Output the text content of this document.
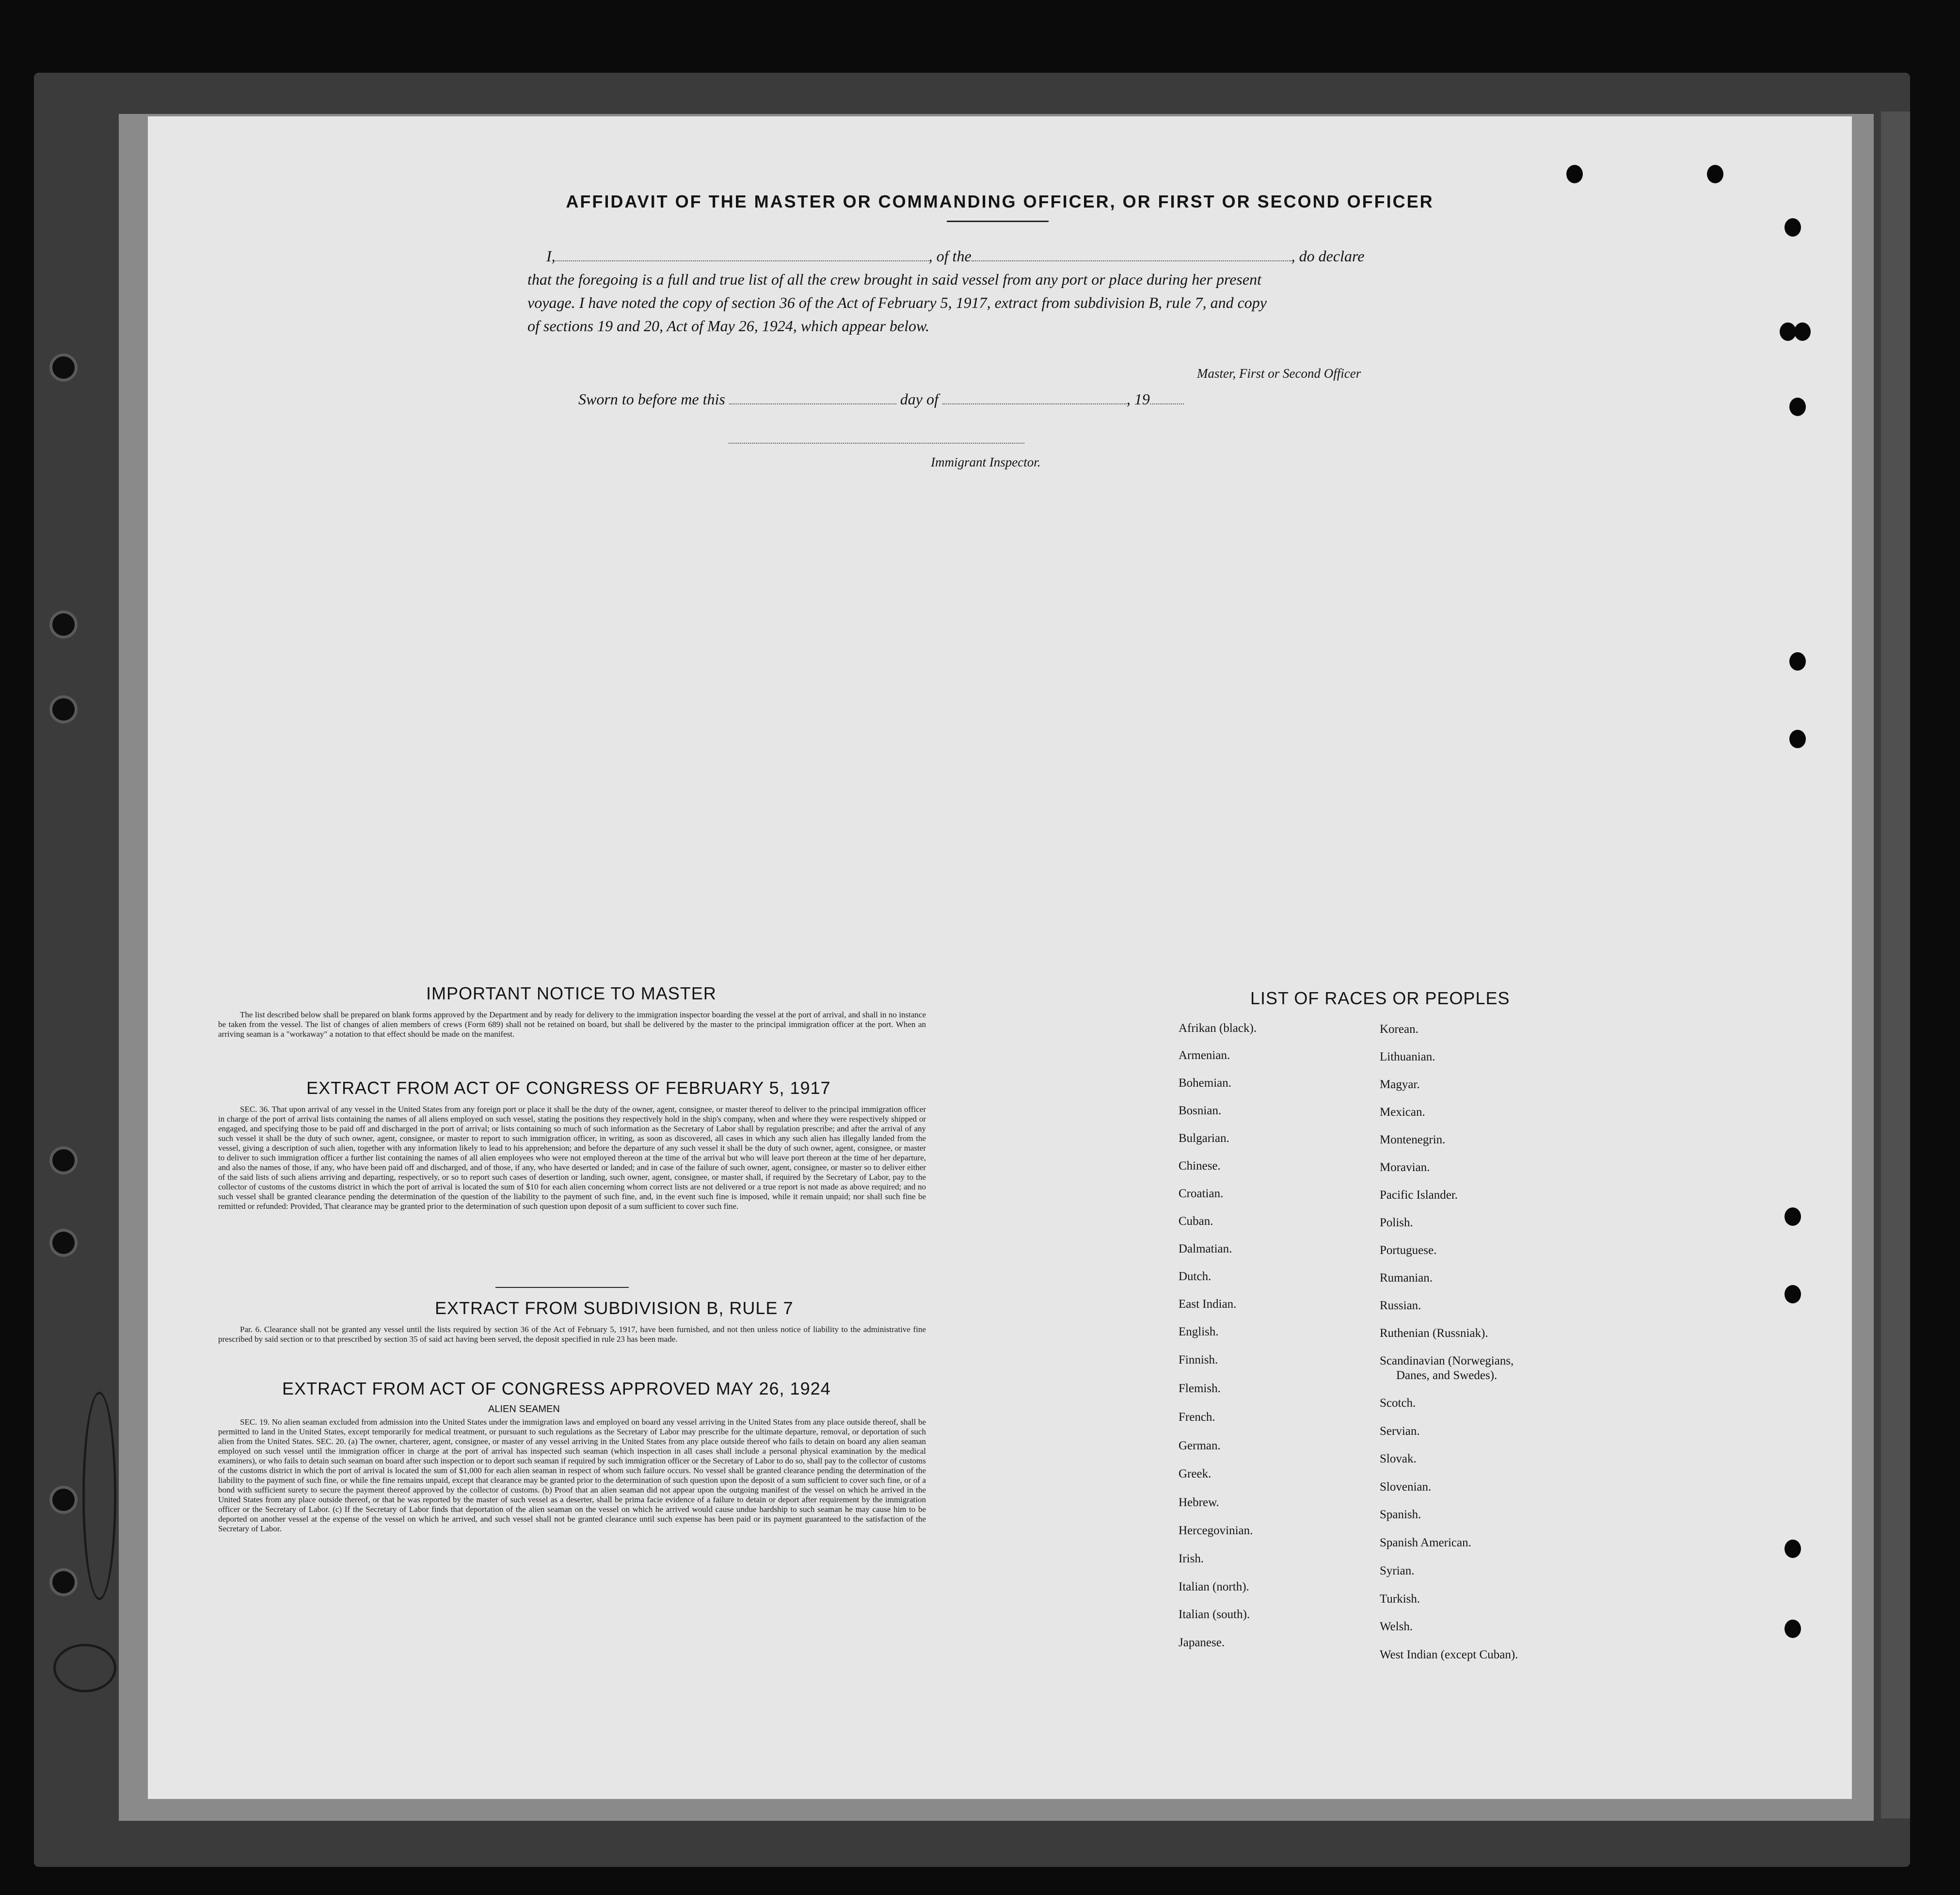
AFFIDAVIT OF THE MASTER OR COMMANDING OFFICER, OR FIRST OR SECOND OFFICER
I,	, of the	, do declare
that the foregoing is a full and true list of all the crew brought in said vessel from any port or place during her present
voyage. I have noted the copy of section 36 of the Act of February 5, 1917, extract from subdivision B, rule 7, and copy
of sections 19 and 20, Act of May 26, 1924, which appear below.
Master, First or Second Officer
Sworn to before me this	day of	, 19
Immigrant Inspector.
IMPORTANT NOTICE TO MASTER
The list described below shall be prepared on blank forms approved by the Department and by ready for delivery to the immigration inspector boarding the vessel at the port of arrival, and shall in no instance be taken from the vessel. The list of changes of alien members of crews (Form 689) shall not be retained on board, but shall be delivered by the master to the principal immigration officer at the port. When an arriving seaman is a "workaway" a notation to that effect should be made on the manifest.
EXTRACT FROM ACT OF CONGRESS OF FEBRUARY 5, 1917
SEC. 36. That upon arrival of any vessel in the United States from any foreign port or place it shall be the duty of the owner, agent, consignee, or master thereof to deliver to the principal immigration officer in charge of the port of arrival lists containing the names of all aliens employed on such vessel, stating the positions they respectively hold in the ship's company, when and where they were respectively shipped or engaged, and specifying those to be paid off and discharged in the port of arrival; or lists containing so much of such information as the Secretary of Labor shall by regulation prescribe; and after the arrival of any such vessel it shall be the duty of such owner, agent, consignee, or master to report to such immigration officer, in writing, as soon as discovered, all cases in which any such alien has illegally landed from the vessel, giving a description of such alien, together with any information likely to lead to his apprehension; and before the departure of any such vessel it shall be the duty of such owner, agent, consignee, or master to deliver to such immigration officer a further list containing the names of all alien employees who were not employed thereon at the time of the arrival but who will leave port thereon at the time of her departure, and also the names of those, if any, who have been paid off and discharged, and of those, if any, who have deserted or landed; and in case of the failure of such owner, agent, consignee, or master so to deliver either of the said lists of such aliens arriving and departing, respectively, or so to report such cases of desertion or landing, such owner, agent, consignee, or master shall, if required by the Secretary of Labor, pay to the collector of customs of the customs district in which the port of arrival is located the sum of $10 for each alien concerning whom correct lists are not delivered or a true report is not made as above required; and no such vessel shall be granted clearance pending the determination of the question of the liability to the payment of such fine, and, in the event such fine is imposed, while it remain unpaid; nor shall such fine be remitted or refunded: Provided, That clearance may be granted prior to the determination of such question upon deposit of a sum sufficient to cover such fine.
EXTRACT FROM SUBDIVISION B, RULE 7
Par. 6. Clearance shall not be granted any vessel until the lists required by section 36 of the Act of February 5, 1917, have been furnished, and not then unless notice of liability to the administrative fine prescribed by said section or to that prescribed by section 35 of said act having been served, the deposit specified in rule 23 has been made.
EXTRACT FROM ACT OF CONGRESS APPROVED MAY 26, 1924
ALIEN SEAMEN
SEC. 19. No alien seaman excluded from admission into the United States under the immigration laws and employed on board any vessel arriving in the United States from any place outside thereof, shall be permitted to land in the United States, except temporarily for medical treatment, or pursuant to such regulations as the Secretary of Labor may prescribe for the ultimate departure, removal, or deportation of such alien from the United States. SEC. 20. (a) The owner, charterer, agent, consignee, or master of any vessel arriving in the United States from any place outside thereof who fails to detain on board any alien seaman employed on such vessel until the immigration officer in charge at the port of arrival has inspected such seaman (which inspection in all cases shall include a personal physical examination by the medical examiners), or who fails to detain such seaman on board after such inspection or to deport such seaman if required by such immigration officer or the Secretary of Labor to do so, shall pay to the collector of customs of the customs district in which the port of arrival is located the sum of $1,000 for each alien seaman in respect of whom such failure occurs. No vessel shall be granted clearance pending the determination of the liability to the payment of such fine, or while the fine remains unpaid, except that clearance may be granted prior to the determination of such question upon the deposit of a sum sufficient to cover such fine, or of a bond with sufficient surety to secure the payment thereof approved by the collector of customs. (b) Proof that an alien seaman did not appear upon the outgoing manifest of the vessel on which he arrived in the United States from any place outside thereof, or that he was reported by the master of such vessel as a deserter, shall be prima facie evidence of a failure to detain or deport after requirement by the immigration officer or the Secretary of Labor. (c) If the Secretary of Labor finds that deportation of the alien seaman on the vessel on which he arrived would cause undue hardship to such seaman he may cause him to be deported on another vessel at the expense of the vessel on which he arrived, and such vessel shall not be granted clearance until such expense has been paid or its payment guaranteed to the satisfaction of the Secretary of Labor.
LIST OF RACES OR PEOPLES
Afrikan (black).
Armenian.
Bohemian.
Bosnian.
Bulgarian.
Chinese.
Croatian.
Cuban.
Dalmatian.
Dutch.
East Indian.
English.
Finnish.
Flemish.
French.
German.
Greek.
Hebrew.
Hercegovinian.
Irish.
Italian (north).
Italian (south).
Japanese.
Korean.
Lithuanian.
Magyar.
Mexican.
Montenegrin.
Moravian.
Pacific Islander.
Polish.
Portuguese.
Rumanian.
Russian.
Ruthenian (Russniak).
Scandinavian (Norwegians,
Danes, and Swedes).
Scotch.
Servian.
Slovak.
Slovenian.
Spanish.
Spanish American.
Syrian.
Turkish.
Welsh.
West Indian (except Cuban).
